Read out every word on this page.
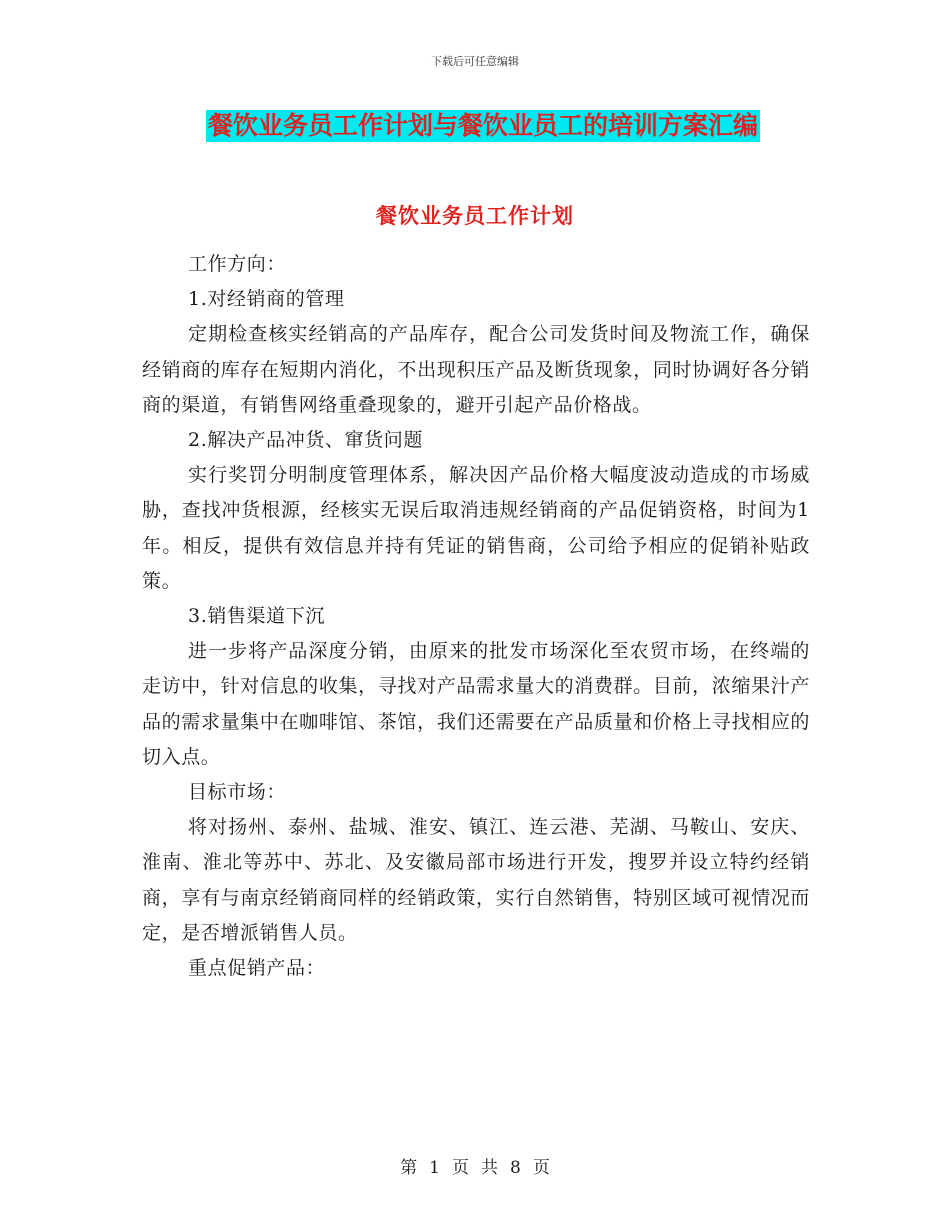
下载后可任意编辑
餐饮业务员工作计划与餐饮业员工的培训方案汇编
餐饮业务员工作计划

工作方向：

1.对经销商的管理

定期检查核实经销高的产品库存，配合公司发货时间及物流工作，确保经销商的库存在短期内消化，不出现积压产品及断货现象，同时协调好各分销商的渠道，有销售网络重叠现象的，避开引起产品价格战。

2.解决产品冲货、窜货问题

实行奖罚分明制度管理体系，解决因产品价格大幅度波动造成的市场威胁，查找冲货根源，经核实无误后取消违规经销商的产品促销资格，时间为1年。相反，提供有效信息并持有凭证的销售商，公司给予相应的促销补贴政策。

3.销售渠道下沉

进一步将产品深度分销，由原来的批发市场深化至农贸市场，在终端的走访中，针对信息的收集，寻找对产品需求量大的消费群。目前，浓缩果汁产品的需求量集中在咖啡馆、茶馆，我们还需要在产品质量和价格上寻找相应的切入点。

目标市场：

将对扬州、泰州、盐城、淮安、镇江、连云港、芜湖、马鞍山、安庆、淮南、淮北等苏中、苏北、及安徽局部市场进行开发，搜罗并设立特约经销商，享有与南京经销商同样的经销政策，实行自然销售，特别区域可视情况而定，是否增派销售人员。

重点促销产品：

第 1 页 共 8 页
